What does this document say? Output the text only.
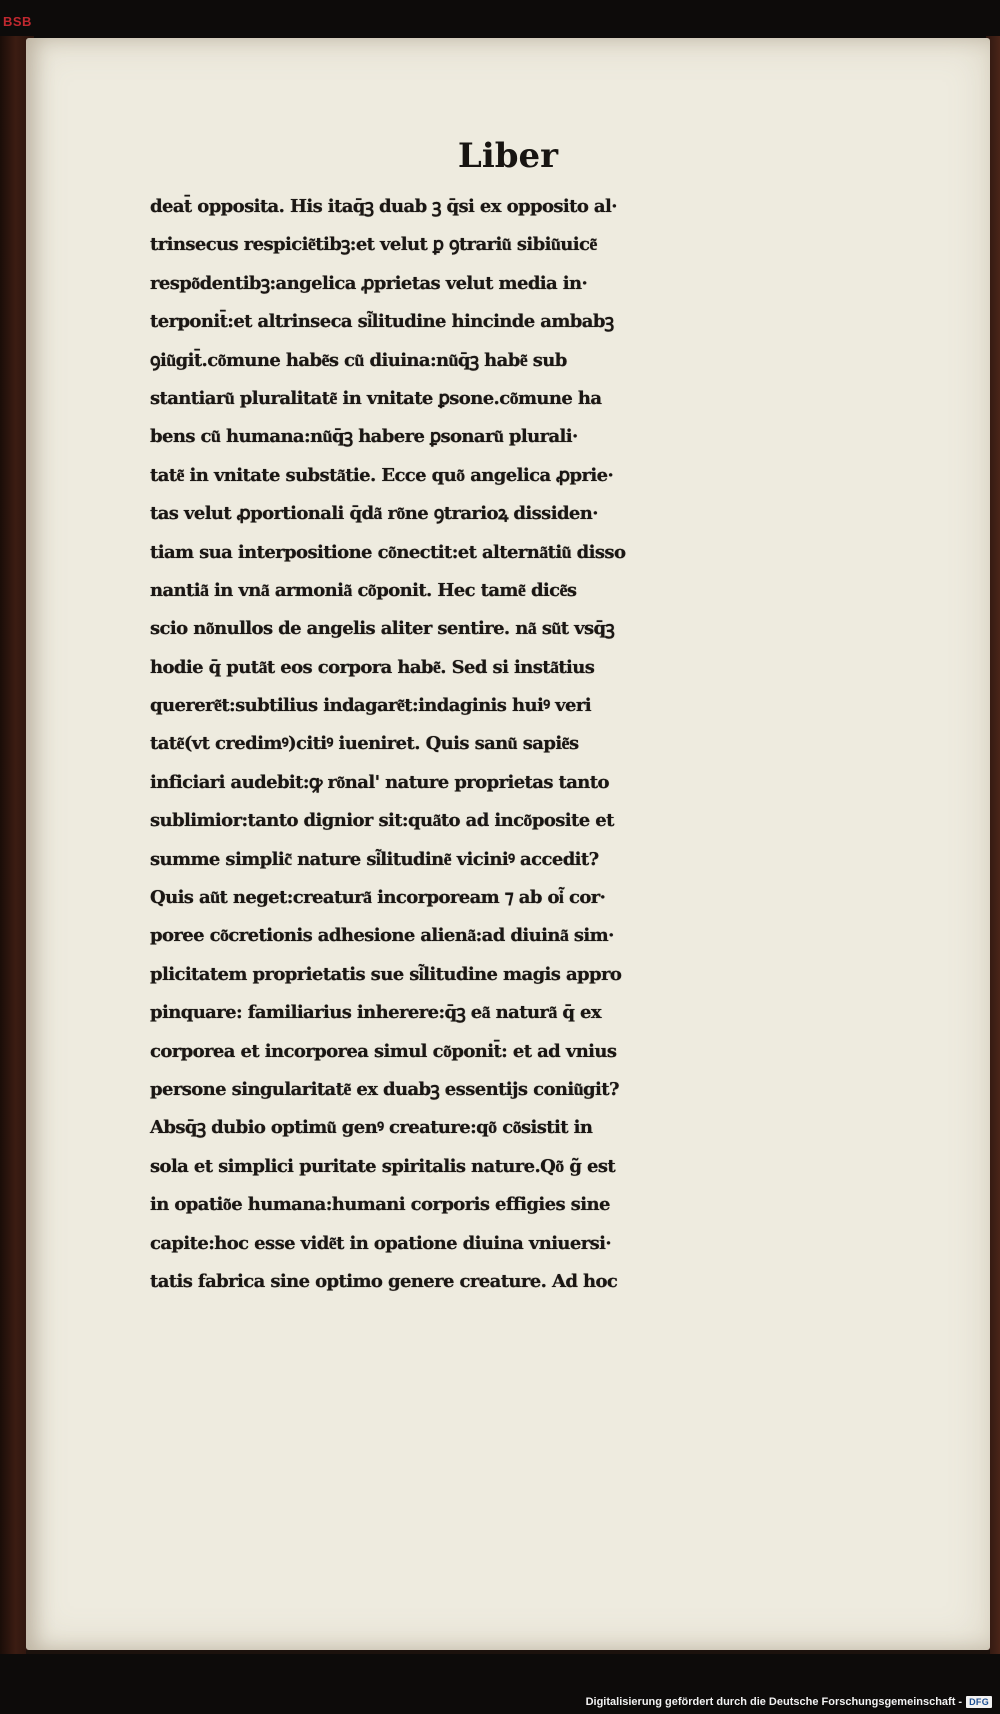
BSB
Liber
deat̄ opposita. His itaq̄ꝫ duab ꝫ q̄si ex opposito al·
trinsecus respicie͂tibꝫ:et velut ꝑ ꝯtrariu͂ sibiu͂uice͂
respo͂dentibꝫ:angelica ꝓprietas velut media in·
terponit̄:et altrinseca si͂litudine hincinde ambabꝫ
ꝯiu͂git̄.co͂mune habe͂s cu͂ diuina:nu͂q̄ꝫ habe͂ sub
stantiaru͂ pluralitate͂ in vnitate ꝑsone.co͂mune ha
bens cu͂ humana:nu͂q̄ꝫ habere ꝑsonaru͂ plurali·
tate͂ in vnitate substa͂tie. Ecce quo͂ angelica ꝓprie·
tas velut ꝓportionali q̄da͂ ro͂ne ꝯtrarioꝝ dissiden·
tiam sua interpositione co͂nectit:et alterna͂tiu͂ disso
nantia͂ in vna͂ armonia͂ co͂ponit. Hec tame͂ dice͂s
scio no͂nullos de angelis aliter sentire. na͂ su͂t vsq̄ꝫ
hodie q̄ puta͂t eos corpora habe͂. Sed si insta͂tius
querere͂t:subtilius indagare͂t:indaginis huiꝰ veri
tate͂(vt credimꝰ)citiꝰ iueniret. Quis sanu͂ sapie͂s
inficiari audebit:ꝙ ro͂nal' nature proprietas tanto
sublimior:tanto dignior sit:qua͂to ad inco͂posite et
summe simplic͂ nature si͂litudine͂ viciniꝰ accedit?
Quis au͂t neget:creatura͂ incorpoream ⁊ ab oi͂ cor·
poree co͂cretionis adhesione aliena͂:ad diuina͂ sim·
plicitatem proprietatis sue si͂litudine magis appro
pinquare: familiarius inherere:q̄ꝫ ea͂ natura͂ q̄ ex
corporea et incorporea simul co͂ponit̄: et ad vnius
persone singularitate͂ ex duabꝫ essentijs coniu͂git?
Absq̄ꝫ dubio optimu͂ genꝰ creature:qo͂ co͂sistit in
sola et simplici puritate spiritalis nature.Qo͂ g̃ est
in opatio͂e humana:humani corporis effigies sine
capite:hoc esse vide͂t in opatione diuina vniuersi·
tatis fabrica sine optimo genere creature. Ad hoc
Digitalisierung gefördert durch die Deutsche Forschungsgemeinschaft - DFG
